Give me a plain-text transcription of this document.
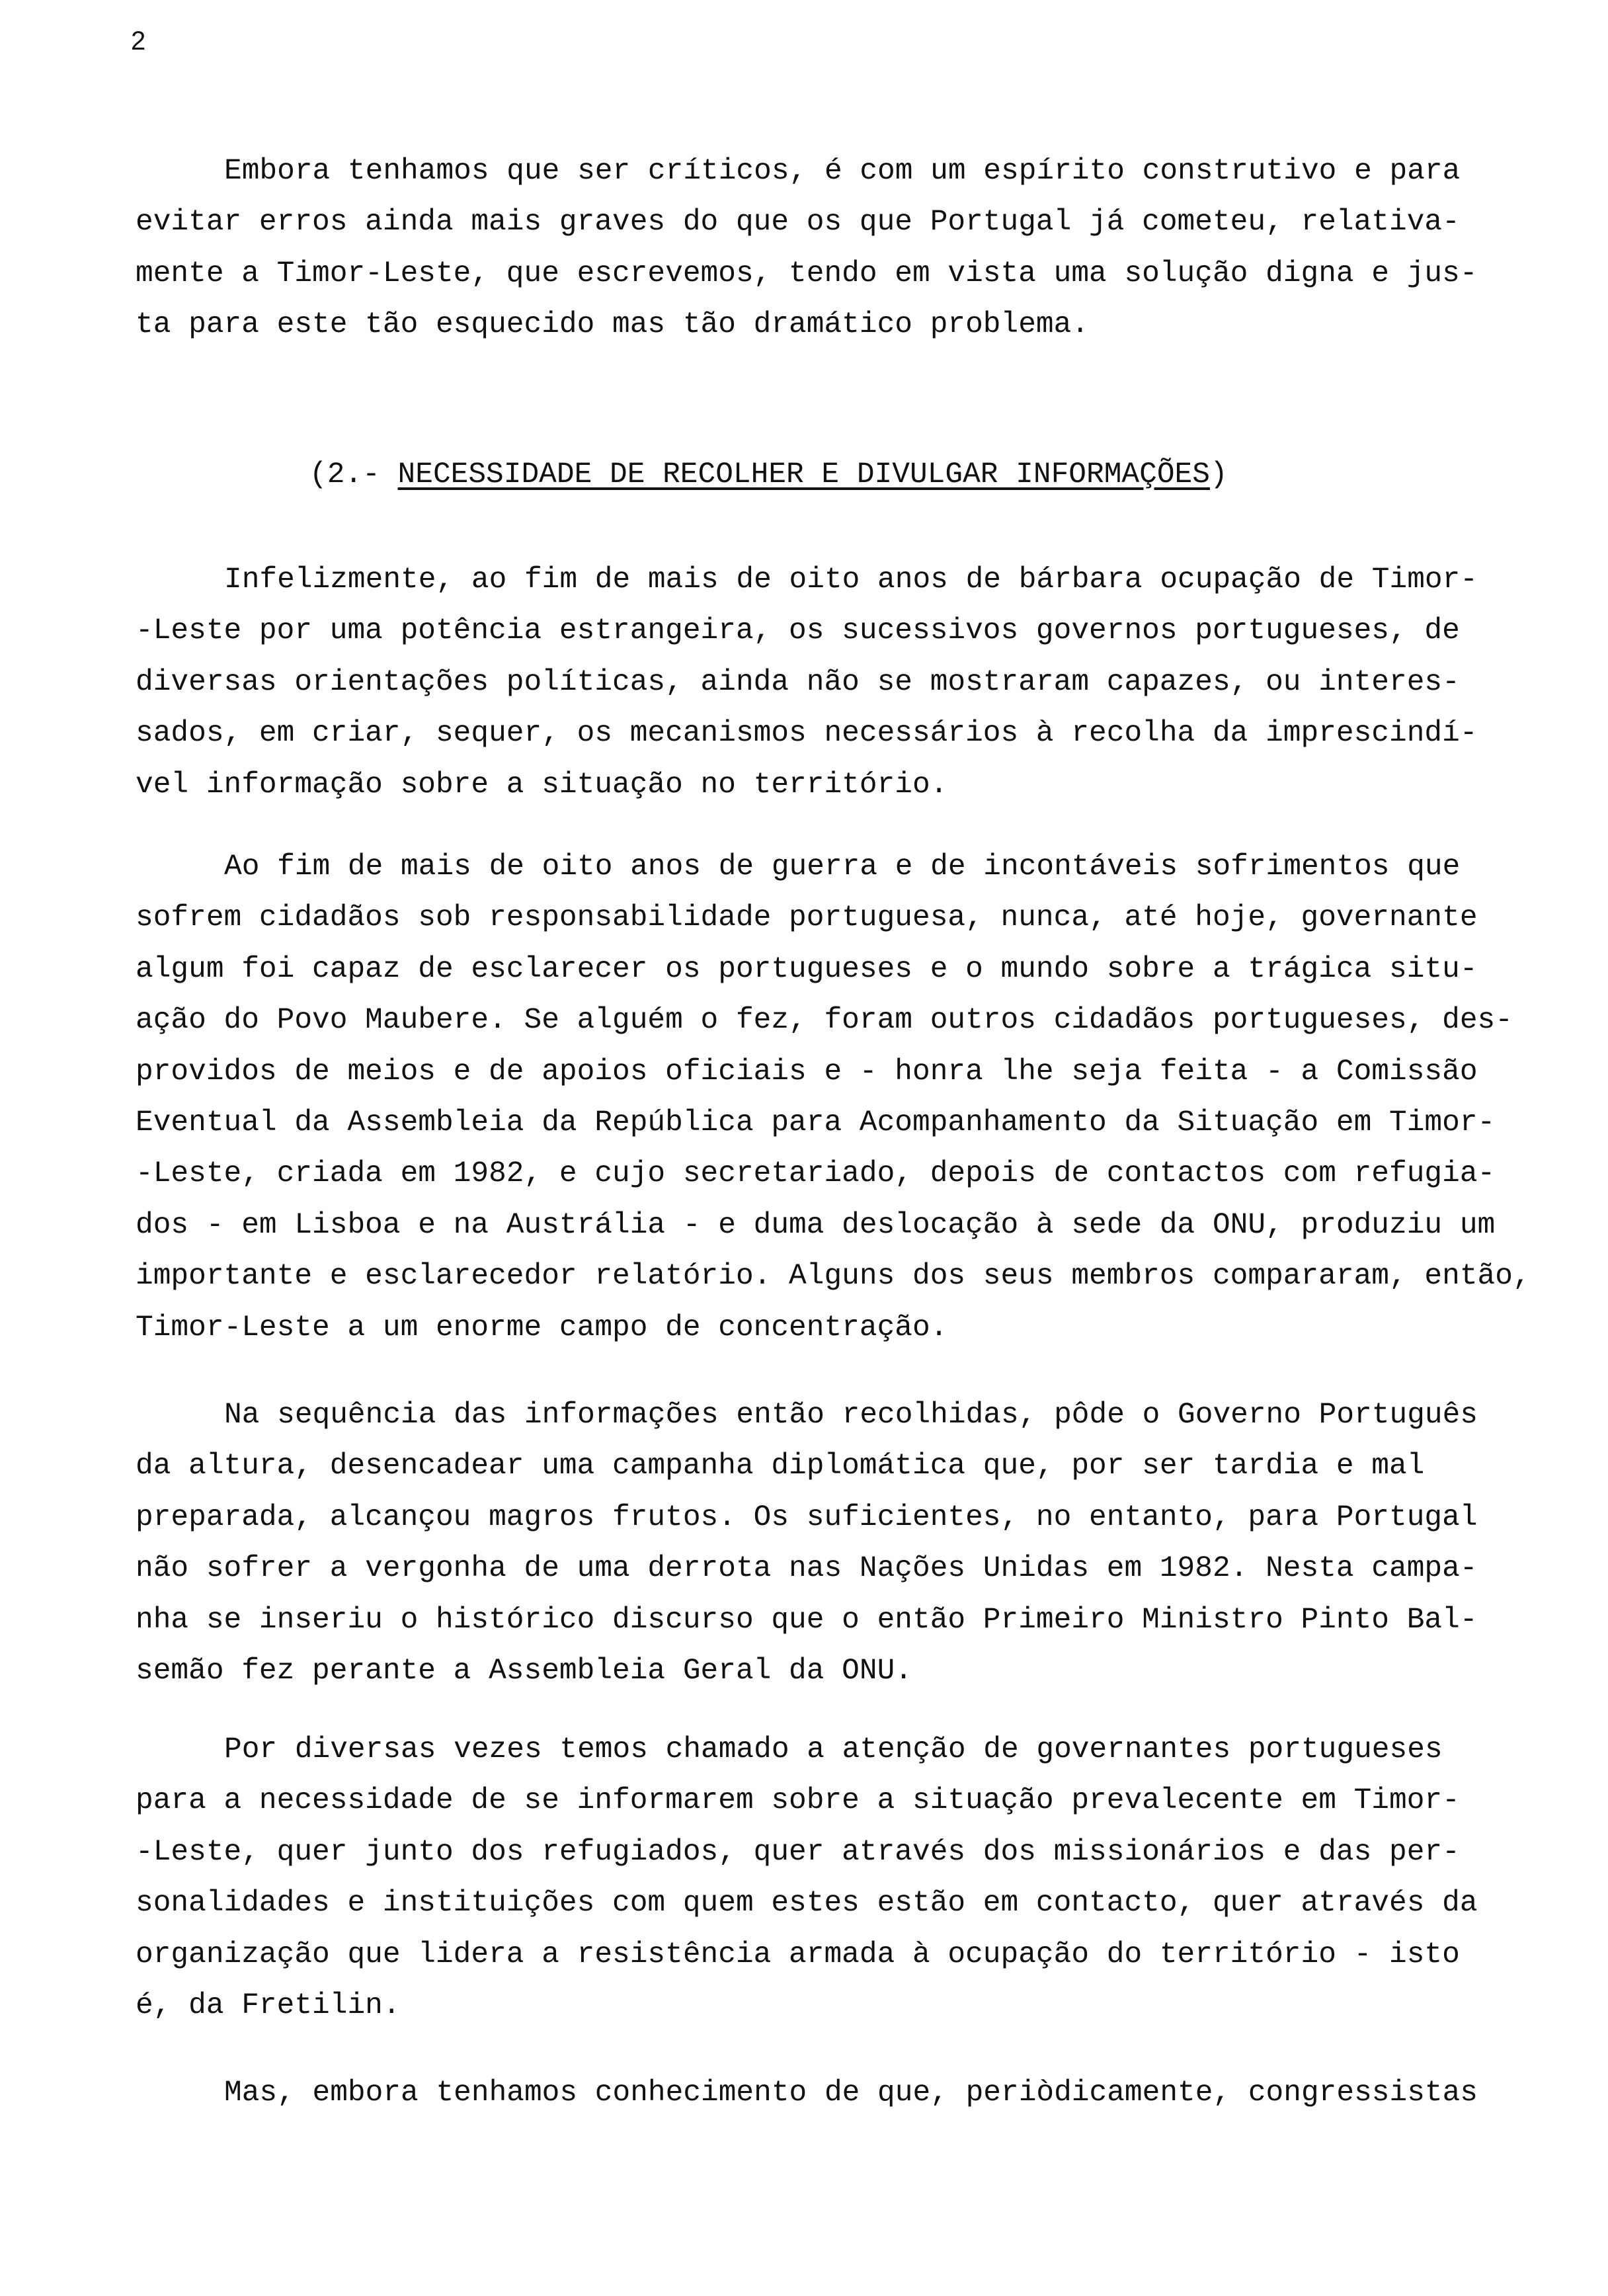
2
Embora tenhamos que ser críticos, é com um espírito construtivo e para
evitar erros ainda mais graves do que os que Portugal já cometeu, relativa-
mente a Timor-Leste, que escrevemos, tendo em vista uma solução digna e jus-
ta para este tão esquecido mas tão dramático problema.
(2.- NECESSIDADE DE RECOLHER E DIVULGAR INFORMAÇÕES)
Infelizmente, ao fim de mais de oito anos de bárbara ocupação de Timor-
-Leste por uma potência estrangeira, os sucessivos governos portugueses, de
diversas orientações políticas, ainda não se mostraram capazes, ou interes-
sados, em criar, sequer, os mecanismos necessários à recolha da imprescindí-
vel informação sobre a situação no território.
Ao fim de mais de oito anos de guerra e de incontáveis sofrimentos que
sofrem cidadãos sob responsabilidade portuguesa, nunca, até hoje, governante
algum foi capaz de esclarecer os portugueses e o mundo sobre a trágica situ-
ação do Povo Maubere. Se alguém o fez, foram outros cidadãos portugueses, des-
providos de meios e de apoios oficiais e - honra lhe seja feita - a Comissão
Eventual da Assembleia da República para Acompanhamento da Situação em Timor-
-Leste, criada em 1982, e cujo secretariado, depois de contactos com refugia-
dos - em Lisboa e na Austrália - e duma deslocação à sede da ONU, produziu um
importante e esclarecedor relatório. Alguns dos seus membros compararam, então,
Timor-Leste a um enorme campo de concentração.
Na sequência das informações então recolhidas, pôde o Governo Português
da altura, desencadear uma campanha diplomática que, por ser tardia e mal
preparada, alcançou magros frutos. Os suficientes, no entanto, para Portugal
não sofrer a vergonha de uma derrota nas Nações Unidas em 1982. Nesta campa-
nha se inseriu o histórico discurso que o então Primeiro Ministro Pinto Bal-
semão fez perante a Assembleia Geral da ONU.
Por diversas vezes temos chamado a atenção de governantes portugueses
para a necessidade de se informarem sobre a situação prevalecente em Timor-
-Leste, quer junto dos refugiados, quer através dos missionários e das per-
sonalidades e instituições com quem estes estão em contacto, quer através da
organização que lidera a resistência armada à ocupação do território - isto
é, da Fretilin.
Mas, embora tenhamos conhecimento de que, periòdicamente, congressistas
